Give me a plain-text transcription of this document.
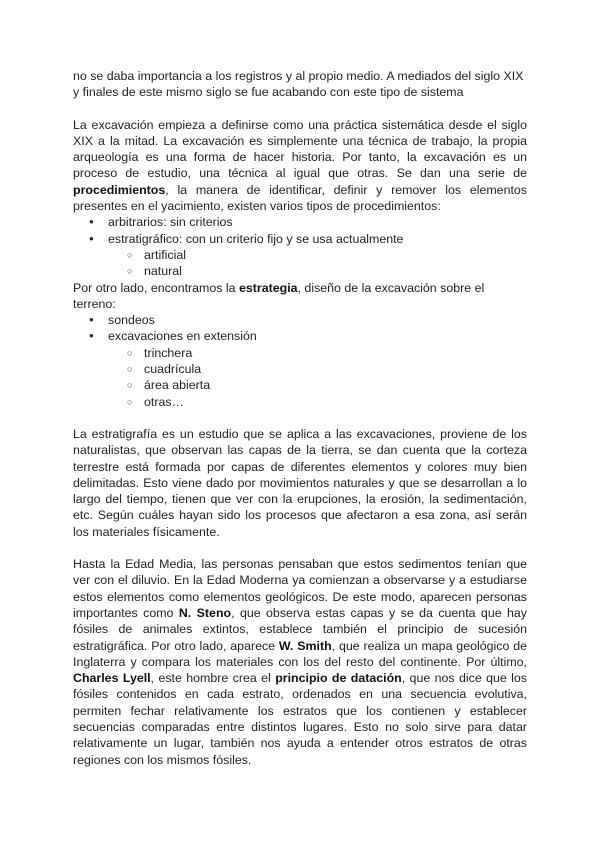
no se daba importancia a los registros y al propio medio. A mediados del siglo XIX y finales de este mismo siglo se fue acabando con este tipo de sistema

La excavación empieza a definirse como una práctica sistemática desde el siglo XIX a la mitad. La excavación es simplemente una técnica de trabajo, la propia arqueología es una forma de hacer historia. Por tanto, la excavación es un proceso de estudio, una técnica al igual que otras. Se dan una serie de procedimientos, la manera de identificar, definir y remover los elementos presentes en el yacimiento, existen varios tipos de procedimientos:

● arbitrarios: sin criterios
● estratigráfico: con un criterio fijo y se usa actualmente
○ artificial
○ natural

Por otro lado, encontramos la estrategia, diseño de la excavación sobre el terreno:

● sondeos
● excavaciones en extensión
○ trinchera
○ cuadrícula
○ área abierta
○ otras…

La estratigrafía es un estudio que se aplica a las excavaciones, proviene de los naturalistas, que observan las capas de la tierra, se dan cuenta que la corteza terrestre está formada por capas de diferentes elementos y colores muy bien delimitadas. Esto viene dado por movimientos naturales y que se desarrollan a lo largo del tiempo, tienen que ver con la erupciones, la erosión, la sedimentación, etc. Según cuáles hayan sido los procesos que afectaron a esa zona, así serán los materiales físicamente.

Hasta la Edad Media, las personas pensaban que estos sedimentos tenían que ver con el diluvio. En la Edad Moderna ya comienzan a observarse y a estudiarse estos elementos como elementos geológicos. De este modo, aparecen personas importantes como N. Steno, que observa estas capas y se da cuenta que hay fósiles de animales extintos, establece también el principio de sucesión estratigráfica. Por otro lado, aparece W. Smith, que realiza un mapa geológico de Inglaterra y compara los materiales con los del resto del continente. Por último, Charles Lyell, este hombre crea el principio de datación, que nos dice que los fósiles contenidos en cada estrato, ordenados en una secuencia evolutiva, permiten fechar relativamente los estratos que los contienen y establecer secuencias comparadas entre distintos lugares. Esto no solo sirve para datar relativamente un lugar, también nos ayuda a entender otros estratos de otras regiones con los mismos fósiles.
